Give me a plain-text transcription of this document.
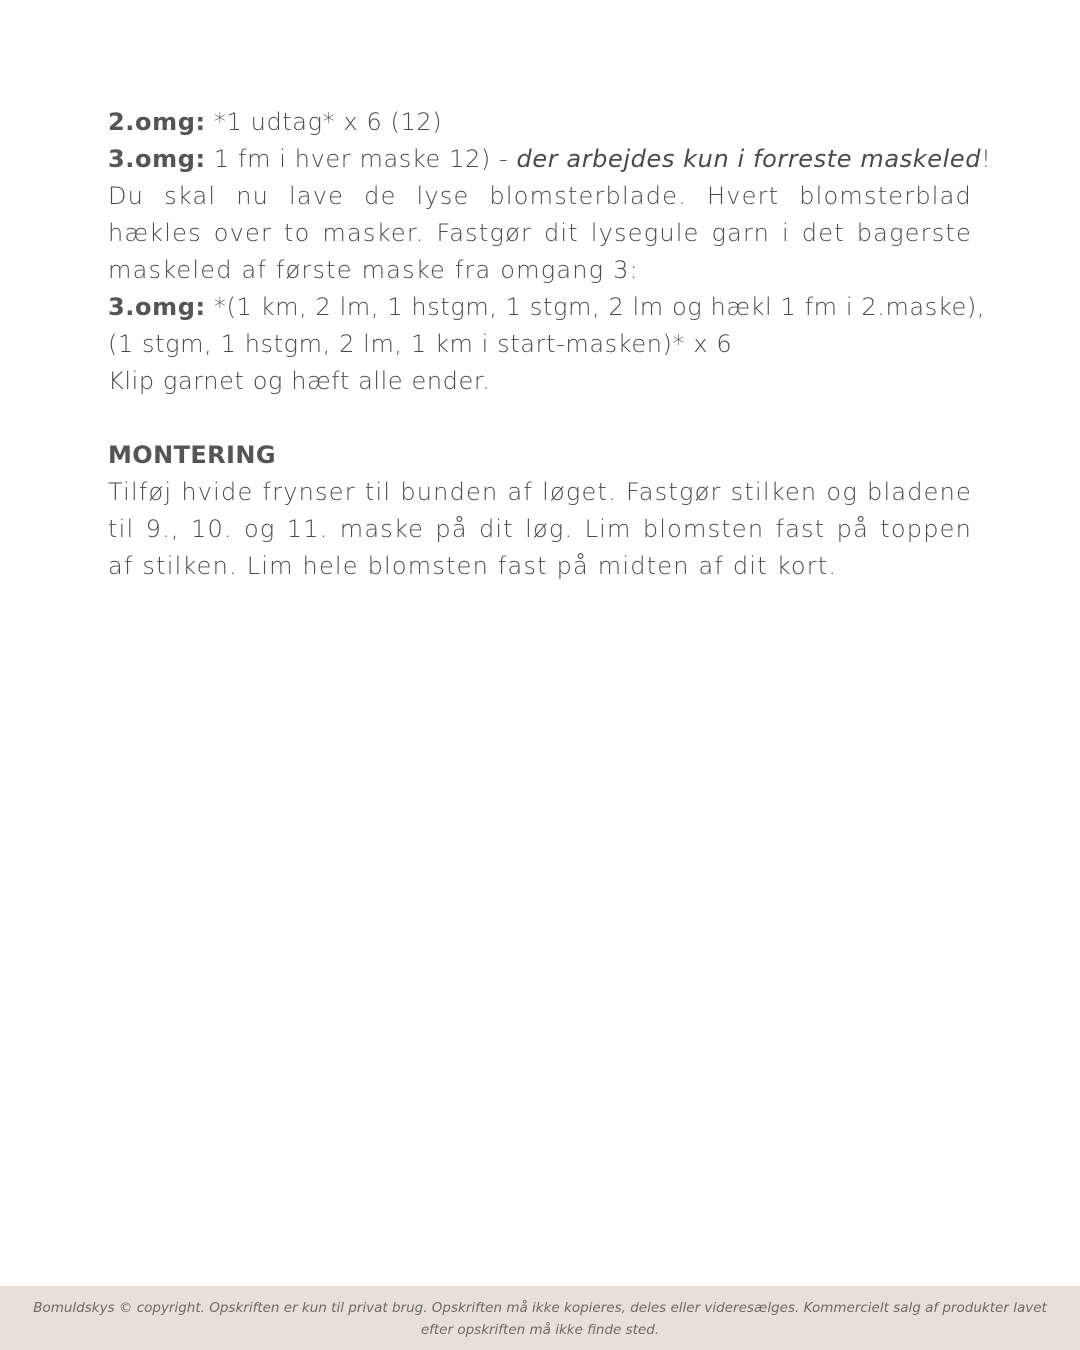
2.omg: *1 udtag* x 6 (12)
3.omg: 1 fm i hver maske 12) - der arbejdes kun i forreste maskeled!
Du skal nu lave de lyse blomsterblade. Hvert blomsterblad hækles over to masker. Fastgør dit lysegule garn i det bagerste maskeled af første maske fra omgang 3:
3.omg: *(1 km, 2 lm, 1 hstgm, 1 stgm, 2 lm og hækl 1 fm i 2.maske),
(1 stgm, 1 hstgm, 2 lm, 1 km i start-masken)* x 6
Klip garnet og hæft alle ender.
MONTERING
Tilføj hvide frynser til bunden af løget. Fastgør stilken og bladene til 9., 10. og 11. maske på dit løg. Lim blomsten fast på toppen af stilken. Lim hele blomsten fast på midten af dit kort.
Bomuldskys © copyright. Opskriften er kun til privat brug. Opskriften må ikke kopieres, deles eller videresælges. Kommercielt salg af produkter lavet efter opskriften må ikke finde sted.
